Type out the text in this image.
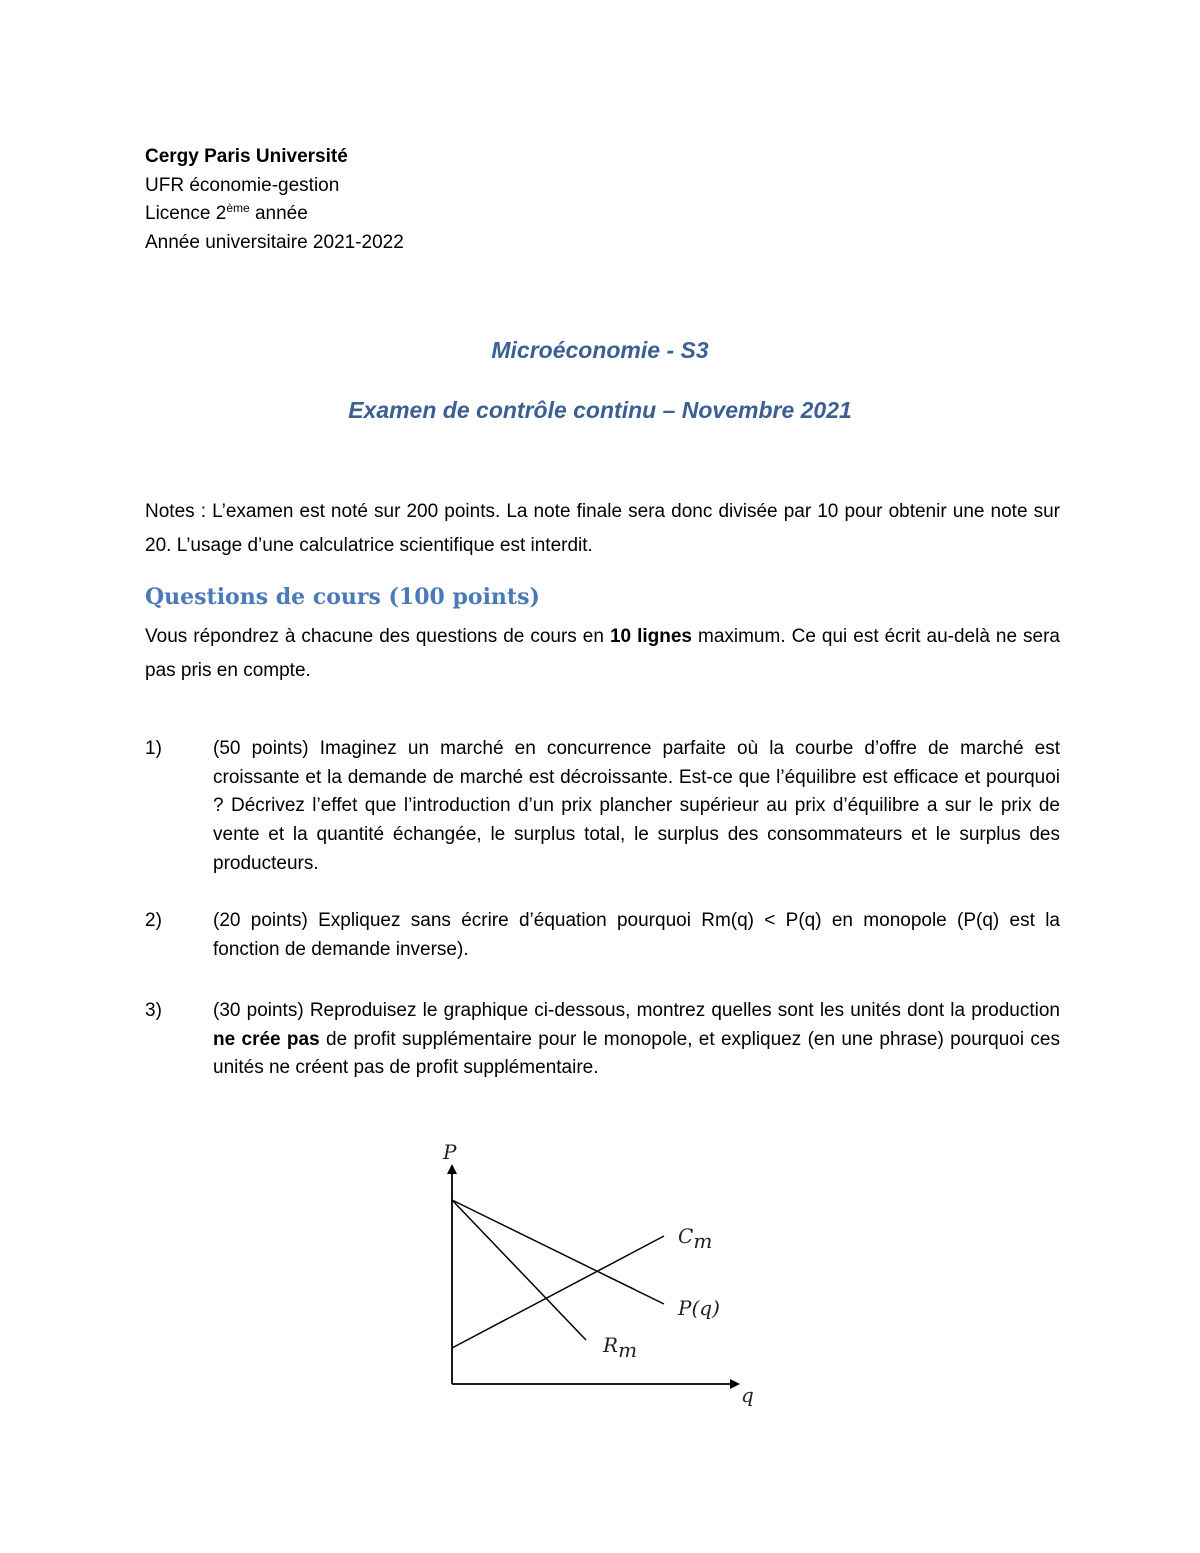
Cergy Paris Université
UFR économie-gestion
Licence 2ème année
Année universitaire 2021-2022
Microéconomie - S3
Examen de contrôle continu – Novembre 2021
Notes : L’examen est noté sur 200 points. La note finale sera donc divisée par 10 pour obtenir une note sur 20. L’usage d’une calculatrice scientifique est interdit.
Questions de cours (100 points)
Vous répondrez à chacune des questions de cours en 10 lignes maximum. Ce qui est écrit au-delà ne sera pas pris en compte.
1)	(50 points) Imaginez un marché en concurrence parfaite où la courbe d’offre de marché est croissante et la demande de marché est décroissante. Est-ce que l’équilibre est efficace et pourquoi ? Décrivez l’effet que l’introduction d’un prix plancher supérieur au prix d’équilibre a sur le prix de vente et la quantité échangée, le surplus total, le surplus des consommateurs et le surplus des producteurs.
2)	(20 points) Expliquez sans écrire d’équation pourquoi Rm(q) < P(q) en monopole (P(q) est la fonction de demande inverse).
3)	(30 points) Reproduisez le graphique ci-dessous, montrez quelles sont les unités dont la production ne crée pas de profit supplémentaire pour le monopole, et expliquez (en une phrase) pourquoi ces unités ne créent pas de profit supplémentaire.
P
q
Cm
P(q)
Rm
